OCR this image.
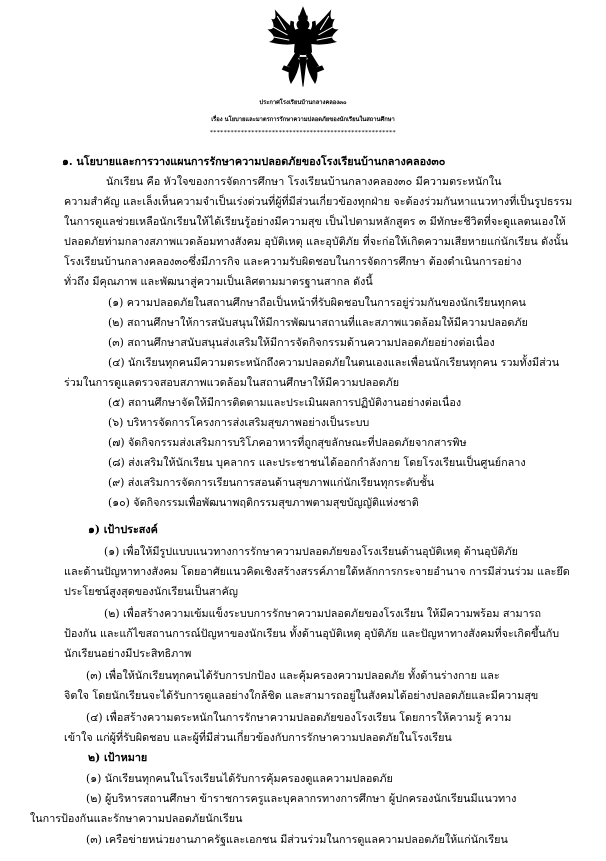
ประกาศโรงเรียนบ้านกลางคลอง๓๐
เรื่อง นโยบายและมาตรการรักษาความปลอดภัยของนักเรียนในสถานศึกษา
******************************************************
๑. นโยบายและการวางแผนการรักษาความปลอดภัยของโรงเรียนบ้านกลางคลอง๓๐
นักเรียน คือ หัวใจของการจัดการศึกษา โรงเรียนบ้านกลางคลอง๓๐ มีความตระหนักใน
ความสำคัญ และเล็งเห็นความจำเป็นเร่งด่วนที่ผู้ที่มีส่วนเกี่ยวข้องทุกฝ่าย จะต้องร่วมกันหาแนวทางที่เป็นรูปธรรม
ในการดูแลช่วยเหลือนักเรียนให้ได้เรียนรู้อย่างมีความสุข เป็นไปตามหลักสูตร ๓ มีทักษะชีวิตที่จะดูแลตนเองให้
ปลอดภัยท่ามกลางสภาพแวดล้อมทางสังคม อุบัติเหตุ และอุบัติภัย ที่จะก่อให้เกิดความเสียหายแก่นักเรียน ดังนั้น
โรงเรียนบ้านกลางคลอง๓๐ซึ่งมีภารกิจ และความรับผิดชอบในการจัดการศึกษา ต้องดำเนินการอย่าง
ทั่วถึง มีคุณภาพ และพัฒนาสู่ความเป็นเลิศตามมาตรฐานสากล ดังนี้
(๑) ความปลอดภัยในสถานศึกษาถือเป็นหน้าที่รับผิดชอบในการอยู่ร่วมกันของนักเรียนทุกคน
(๒) สถานศึกษาให้การสนับสนุนให้มีการพัฒนาสถานที่และสภาพแวดล้อมให้มีความปลอดภัย
(๓) สถานศึกษาสนับสนุนส่งเสริมให้มีการจัดกิจกรรมด้านความปลอดภัยอย่างต่อเนื่อง
(๔) นักเรียนทุกคนมีความตระหนักถึงความปลอดภัยในตนเองและเพื่อนนักเรียนทุกคน รวมทั้งมีส่วน
ร่วมในการดูแลตรวจสอบสภาพแวดล้อมในสถานศึกษาให้มีความปลอดภัย
(๕) สถานศึกษาจัดให้มีการติดตามและประเมินผลการปฏิบัติงานอย่างต่อเนื่อง
(๖) บริหารจัดการโครงการส่งเสริมสุขภาพอย่างเป็นระบบ
(๗) จัดกิจกรรมส่งเสริมการบริโภคอาหารที่ถูกสุขลักษณะที่ปลอดภัยจากสารพิษ
(๘) ส่งเสริมให้นักเรียน บุคลากร และประชาชนได้ออกกำลังกาย โดยโรงเรียนเป็นศูนย์กลาง
(๙) ส่งเสริมการจัดการเรียนการสอนด้านสุขภาพแก่นักเรียนทุกระดับชั้น
(๑๐) จัดกิจกรรมเพื่อพัฒนาพฤติกรรมสุขภาพตามสุขบัญญัติแห่งชาติ
๑) เป้าประสงค์
(๑) เพื่อให้มีรูปแบบแนวทางการรักษาความปลอดภัยของโรงเรียนด้านอุบัติเหตุ ด้านอุบัติภัย
และด้านปัญหาทางสังคม โดยอาศัยแนวคิดเชิงสร้างสรรค์ภายใต้หลักการกระจายอำนาจ การมีส่วนร่วม และยึด
ประโยชน์สูงสุดของนักเรียนเป็นสาคัญ
(๒) เพื่อสร้างความเข้มแข็งระบบการรักษาความปลอดภัยของโรงเรียน ให้มีความพร้อม สามารถ
ป้องกัน และแก้ไขสถานการณ์ปัญหาของนักเรียน ทั้งด้านอุบัติเหตุ อุบัติภัย และปัญหาทางสังคมที่จะเกิดขึ้นกับ
นักเรียนอย่างมีประสิทธิภาพ
(๓) เพื่อให้นักเรียนทุกคนได้รับการปกป้อง และคุ้มครองความปลอดภัย ทั้งด้านร่างกาย และ
จิตใจ โดยนักเรียนจะได้รับการดูแลอย่างใกล้ชิด และสามารถอยู่ในสังคมได้อย่างปลอดภัยและมีความสุข
(๔) เพื่อสร้างความตระหนักในการรักษาความปลอดภัยของโรงเรียน โดยการให้ความรู้ ความ
เข้าใจ แก่ผู้ที่รับผิดชอบ และผู้ที่มีส่วนเกี่ยวข้องกับการรักษาความปลอดภัยในโรงเรียน
๒) เป้าหมาย
(๑) นักเรียนทุกคนในโรงเรียนได้รับการคุ้มครองดูแลความปลอดภัย
(๒) ผู้บริหารสถานศึกษา ข้าราชการครูและบุคลากรทางการศึกษา ผู้ปกครองนักเรียนมีแนวทาง
ในการป้องกันและรักษาความปลอดภัยนักเรียน
(๓) เครือข่ายหน่วยงานภาครัฐและเอกชน มีส่วนร่วมในการดูแลความปลอดภัยให้แก่นักเรียน
